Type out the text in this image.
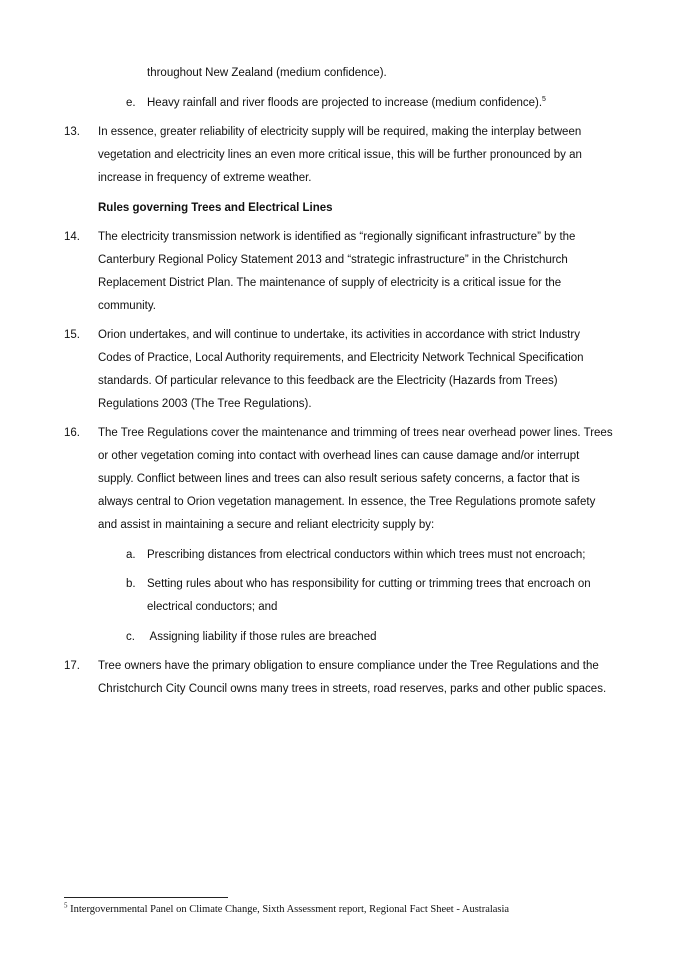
throughout New Zealand (medium confidence).
e. Heavy rainfall and river floods are projected to increase (medium confidence).$^5$
13. In essence, greater reliability of electricity supply will be required, making the interplay between
vegetation and electricity lines an even more critical issue, this will be further pronounced by an
increase in frequency of extreme weather.
Rules governing Trees and Electrical Lines
14. The electricity transmission network is identified as “regionally significant infrastructure” by the
Canterbury Regional Policy Statement 2013 and “strategic infrastructure” in the Christchurch
Replacement District Plan. The maintenance of supply of electricity is a critical issue for the
community.
15. Orion undertakes, and will continue to undertake, its activities in accordance with strict Industry
Codes of Practice, Local Authority requirements, and Electricity Network Technical Specification
standards. Of particular relevance to this feedback are the Electricity (Hazards from Trees)
Regulations 2003 (The Tree Regulations).
16. The Tree Regulations cover the maintenance and trimming of trees near overhead power lines. Trees
or other vegetation coming into contact with overhead lines can cause damage and/or interrupt
supply. Conflict between lines and trees can also result serious safety concerns, a factor that is
always central to Orion vegetation management. In essence, the Tree Regulations promote safety
and assist in maintaining a secure and reliant electricity supply by:
a. Prescribing distances from electrical conductors within which trees must not encroach;
b. Setting rules about who has responsibility for cutting or trimming trees that encroach on
electrical conductors; and
c. Assigning liability if those rules are breached
17. Tree owners have the primary obligation to ensure compliance under the Tree Regulations and the
Christchurch City Council owns many trees in streets, road reserves, parks and other public spaces.
$^5$ Intergovernmental Panel on Climate Change, Sixth Assessment report, Regional Fact Sheet - Australasia
